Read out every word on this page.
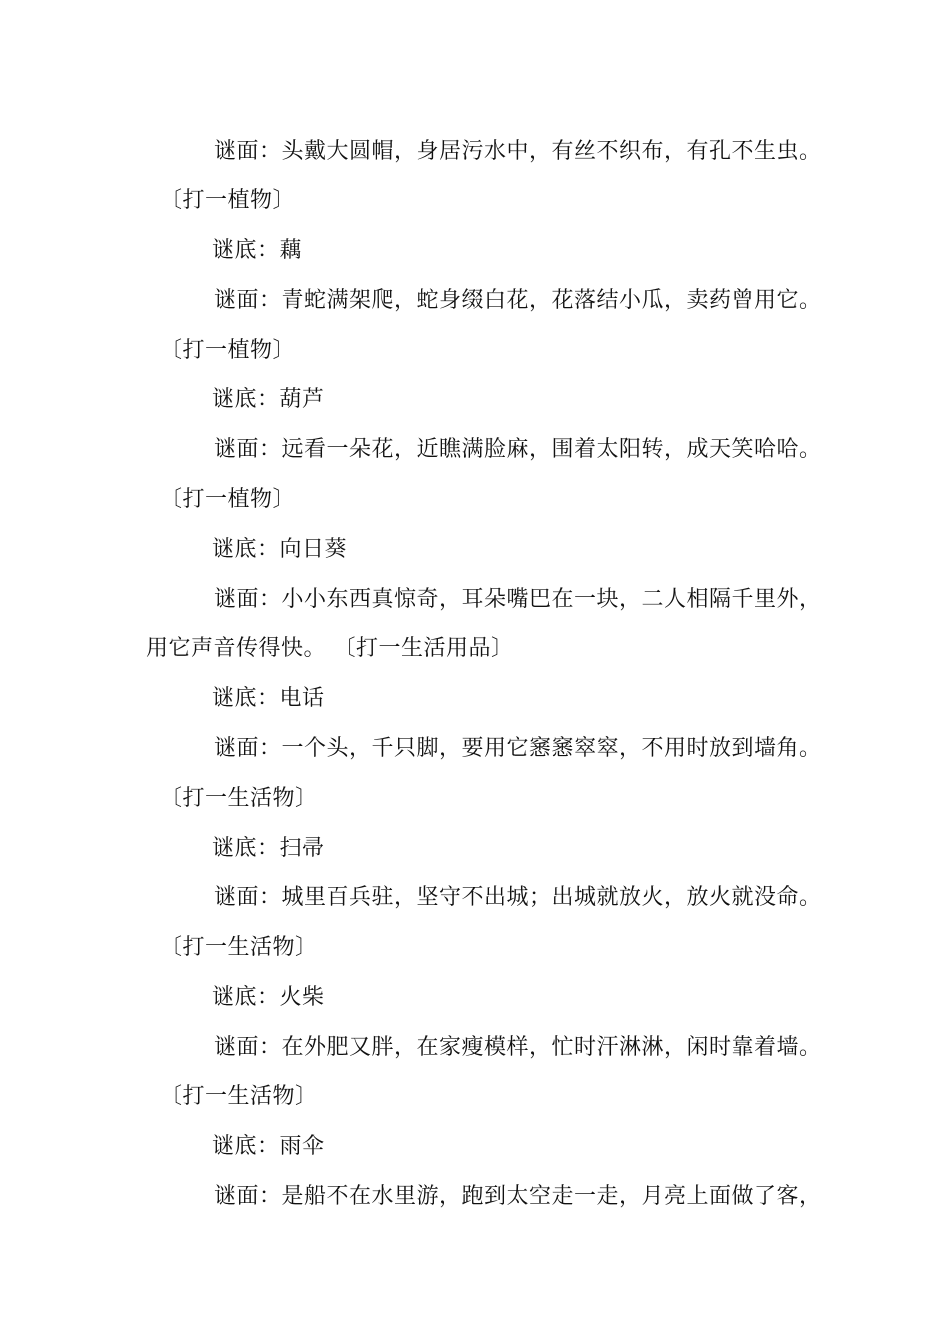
谜面：头戴大圆帽，身居污水中，有丝不织布，有孔不生虫。
〔打一植物〕
谜底：藕
谜面：青蛇满架爬，蛇身缀白花，花落结小瓜，卖药曾用它。
〔打一植物〕
谜底：葫芦
谜面：远看一朵花，近瞧满脸麻，围着太阳转，成天笑哈哈。
〔打一植物〕
谜底：向日葵
谜面：小小东西真惊奇，耳朵嘴巴在一块，二人相隔千里外，
用它声音传得快。 〔打一生活用品〕
谜底：电话
谜面：一个头，千只脚，要用它窸窸窣窣，不用时放到墙角。
〔打一生活物〕
谜底：扫帚
谜面：城里百兵驻，坚守不出城；出城就放火，放火就没命。
〔打一生活物〕
谜底：火柴
谜面：在外肥又胖，在家瘦模样，忙时汗淋淋，闲时靠着墙。
〔打一生活物〕
谜底：雨伞
谜面：是船不在水里游，跑到太空走一走，月亮上面做了客，
